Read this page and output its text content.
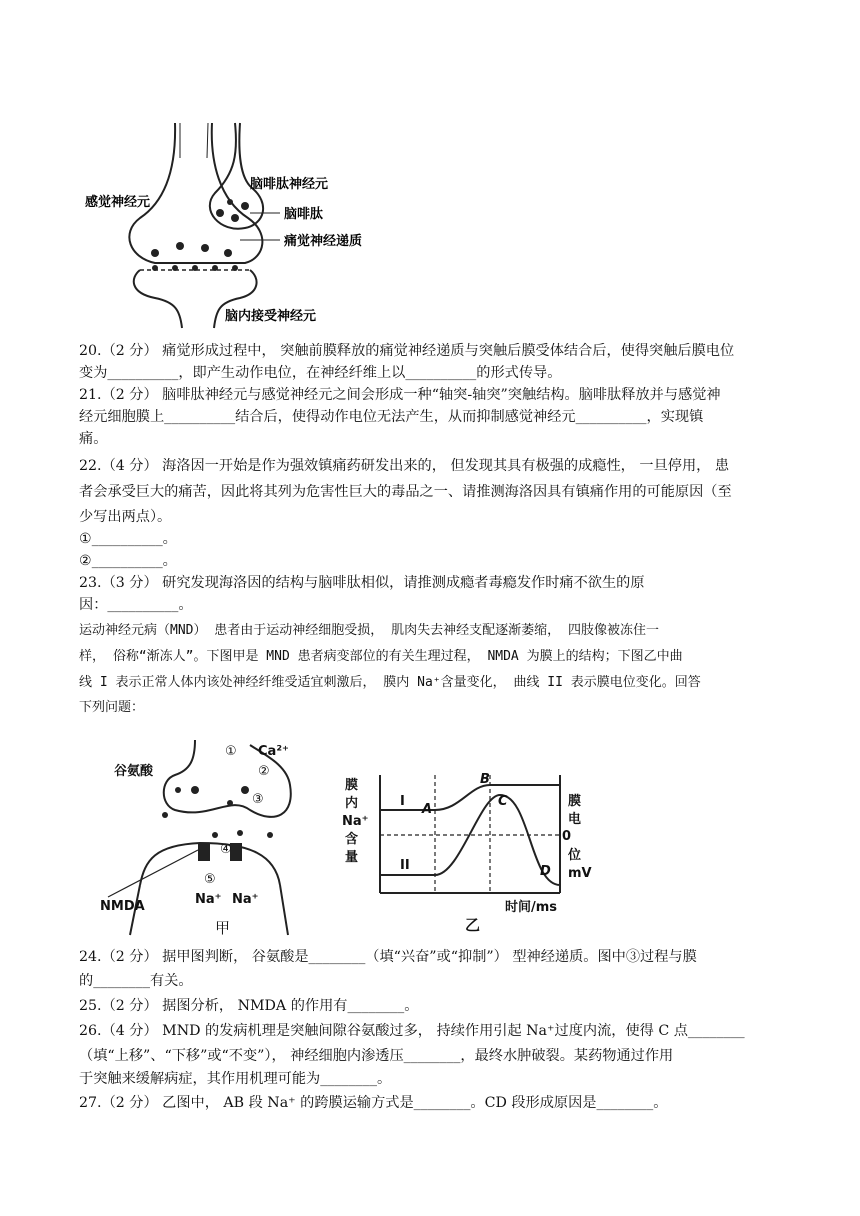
感觉神经元
脑啡肽神经元
脑啡肽
痛觉神经递质
脑内接受神经元
20.（2 分） 痛觉形成过程中， 突触前膜释放的痛觉神经递质与突触后膜受体结合后，使得突触后膜电位
变为__________，即产生动作电位，在神经纤维上以__________的形式传导。
21.（2 分） 脑啡肽神经元与感觉神经元之间会形成一种“轴突-轴突”突触结构。脑啡肽释放并与感觉神
经元细胞膜上__________结合后，使得动作电位无法产生，从而抑制感觉神经元__________，实现镇
痛。
22.（4 分） 海洛因一开始是作为强效镇痛药研发出来的， 但发现其具有极强的成瘾性， 一旦停用， 患
者会承受巨大的痛苦，因此将其列为危害性巨大的毒品之一、请推测海洛因具有镇痛作用的可能原因（至
少写出两点）。
①__________。
②__________。
23.（3 分） 研究发现海洛因的结构与脑啡肽相似，请推测成瘾者毒瘾发作时痛不欲生的原
因：__________。
运动神经元病（MND） 患者由于运动神经细胞受损， 肌肉失去神经支配逐渐萎缩， 四肢像被冻住一
样， 俗称“渐冻人”。下图甲是 MND 患者病变部位的有关生理过程， NMDA 为膜上的结构；下图乙中曲
线 I 表示正常人体内该处神经纤维受适宜刺激后， 膜内 Na⁺含量变化， 曲线 II 表示膜电位变化。回答
下列问题：
谷氨酸
Ca²⁺
NMDA	Na⁺ Na⁺
①
②
③
④
⑤
甲
膜
内
Na⁺
含
量
膜
电
位
mV
0
I
II
A
B
C
D
时间/ms
乙
24.（2 分） 据甲图判断， 谷氨酸是________（填“兴奋”或“抑制”） 型神经递质。图中③过程与膜
的________有关。
25.（2 分） 据图分析， NMDA 的作用有________。
26.（4 分） MND 的发病机理是突触间隙谷氨酸过多， 持续作用引起 Na⁺过度内流，使得 C 点________
（填“上移”、“下移”或“不变”）， 神经细胞内渗透压________，最终水肿破裂。某药物通过作用
于突触来缓解病症，其作用机理可能为________。
27.（2 分） 乙图中， AB 段 Na⁺ 的跨膜运输方式是________。CD 段形成原因是________。
